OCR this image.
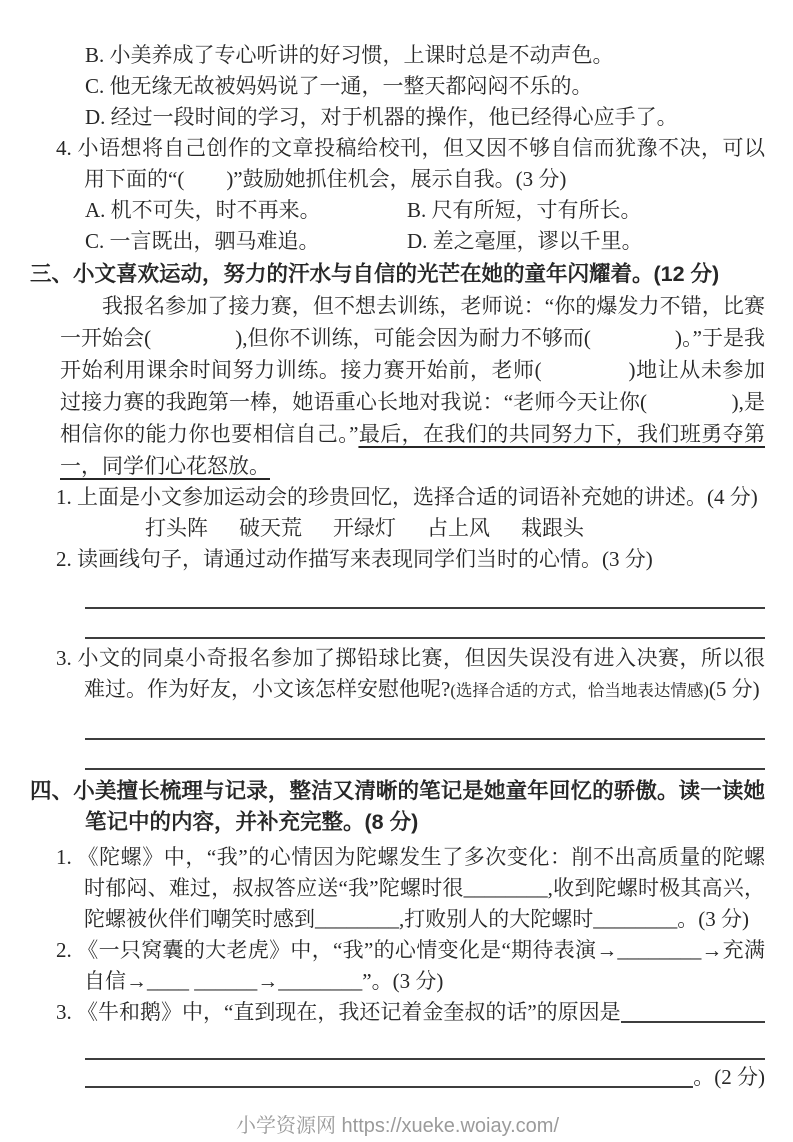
B. 小美养成了专心听讲的好习惯，上课时总是不动声色。
C. 他无缘无故被妈妈说了一通，一整天都闷闷不乐的。
D. 经过一段时间的学习，对于机器的操作，他已经得心应手了。
4. 小语想将自己创作的文章投稿给校刊，但又因不够自信而犹豫不决，可以用下面的“(　　)”鼓励她抓住机会，展示自我。(3 分)
A. 机不可失，时不再来。	B. 尺有所短，寸有所长。
C. 一言既出，驷马难追。	D. 差之毫厘，谬以千里。
三、小文喜欢运动，努力的汗水与自信的光芒在她的童年闪耀着。(12 分)
我报名参加了接力赛，但不想去训练，老师说：“你的爆发力不错，比赛一开始会(　　　　),但你不训练，可能会因为耐力不够而(　　　　)。”于是我开始利用课余时间努力训练。接力赛开始前，老师(　　　　)地让从未参加过接力赛的我跑第一棒，她语重心长地对我说：“老师今天让你(　　　　),是相信你的能力你也要相信自己。”最后，在我们的共同努力下，我们班勇夺第一，同学们心花怒放。
1. 上面是小文参加运动会的珍贵回忆，选择合适的词语补充她的讲述。(4 分)
打头阵 破天荒 开绿灯 占上风 栽跟头
2. 读画线句子，请通过动作描写来表现同学们当时的心情。(3 分)
3. 小文的同桌小奇报名参加了掷铅球比赛，但因失误没有进入决赛，所以很难过。作为好友，小文该怎样安慰他呢?(选择合适的方式，恰当地表达情感)(5 分)
四、小美擅长梳理与记录，整洁又清晰的笔记是她童年回忆的骄傲。读一读她笔记中的内容，并补充完整。(8 分)
1. 《陀螺》中，“我”的心情因为陀螺发生了多次变化：削不出高质量的陀螺时郁闷、难过，叔叔答应送“我”陀螺时很________,收到陀螺时极其高兴，陀螺被伙伴们嘲笑时感到________,打败别人的大陀螺时________。(3 分)
2. 《一只窝囊的大老虎》中，“我”的心情变化是“期待表演→________→充满自信→____ ______→________”。(3 分)
3. 《牛和鹅》中，“直到现在，我还记着金奎叔的话”的原因是
。(2 分)
小学资源网 https://xueke.woiay.com/
